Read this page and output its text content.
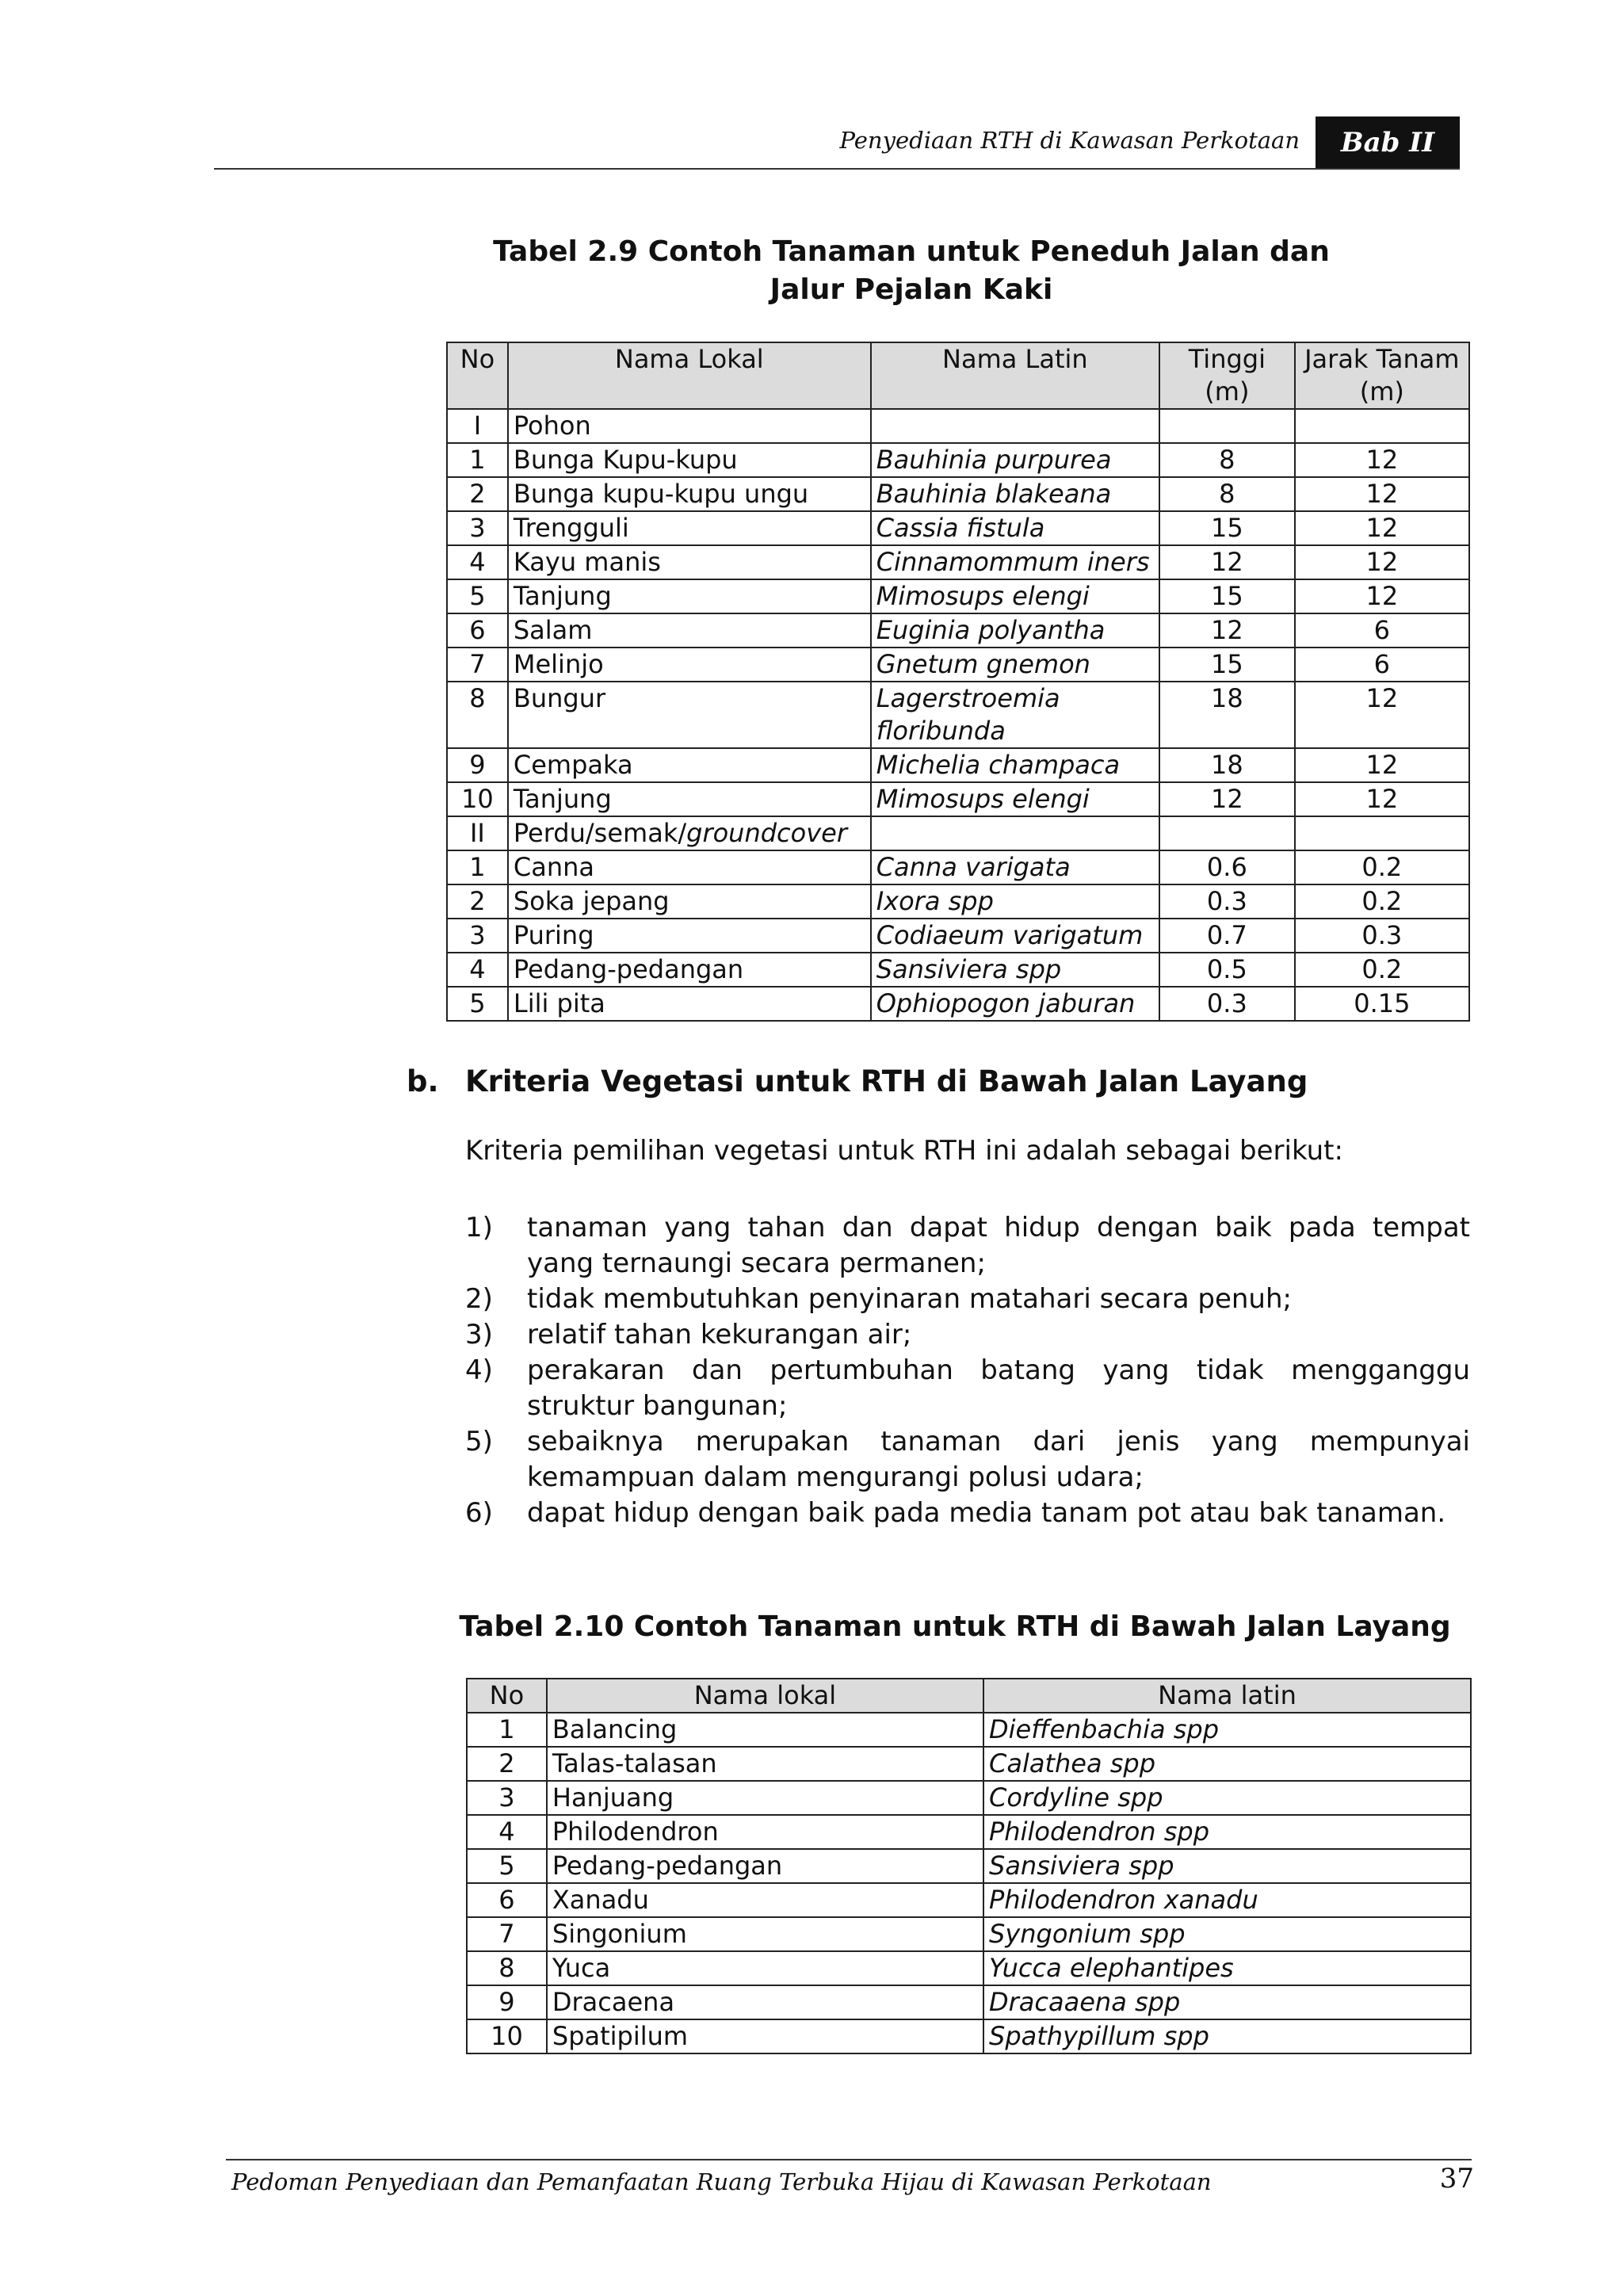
Penyediaan RTH di Kawasan Perkotaan	Bab II
Tabel 2.9 Contoh Tanaman untuk Peneduh Jalan dan
Jalur Pejalan Kaki
No	Nama Lokal	Nama Latin	Tinggi (m)	Jarak Tanam (m)
I	Pohon			
1	Bunga Kupu-kupu	Bauhinia purpurea	8	12
2	Bunga kupu-kupu ungu	Bauhinia blakeana	8	12
3	Trengguli	Cassia fistula	15	12
4	Kayu manis	Cinnamommum iners	12	12
5	Tanjung	Mimosups elengi	15	12
6	Salam	Euginia polyantha	12	6
7	Melinjo	Gnetum gnemon	15	6
8	Bungur	Lagerstroemia floribunda	18	12
9	Cempaka	Michelia champaca	18	12
10	Tanjung	Mimosups elengi	12	12
II	Perdu/semak/groundcover			
1	Canna	Canna varigata	0.6	0.2
2	Soka jepang	Ixora spp	0.3	0.2
3	Puring	Codiaeum varigatum	0.7	0.3
4	Pedang-pedangan	Sansiviera spp	0.5	0.2
5	Lili pita	Ophiopogon jaburan	0.3	0.15
b. Kriteria Vegetasi untuk RTH di Bawah Jalan Layang
Kriteria pemilihan vegetasi untuk RTH ini adalah sebagai berikut:
1)	tanaman yang tahan dan dapat hidup dengan baik pada tempat yang ternaungi secara permanen;
2)	tidak membutuhkan penyinaran matahari secara penuh;
3)	relatif tahan kekurangan air;
4)	perakaran dan pertumbuhan batang yang tidak mengganggu struktur bangunan;
5)	sebaiknya merupakan tanaman dari jenis yang mempunyai kemampuan dalam mengurangi polusi udara;
6)	dapat hidup dengan baik pada media tanam pot atau bak tanaman.
Tabel 2.10 Contoh Tanaman untuk RTH di Bawah Jalan Layang
No	Nama lokal	Nama latin
1	Balancing	Dieffenbachia spp
2	Talas-talasan	Calathea spp
3	Hanjuang	Cordyline spp
4	Philodendron	Philodendron spp
5	Pedang-pedangan	Sansiviera spp
6	Xanadu	Philodendron xanadu
7	Singonium	Syngonium spp
8	Yuca	Yucca elephantipes
9	Dracaena	Dracaaena spp
10	Spatipilum	Spathypillum spp
Pedoman Penyediaan dan Pemanfaatan Ruang Terbuka Hijau di Kawasan Perkotaan	37
